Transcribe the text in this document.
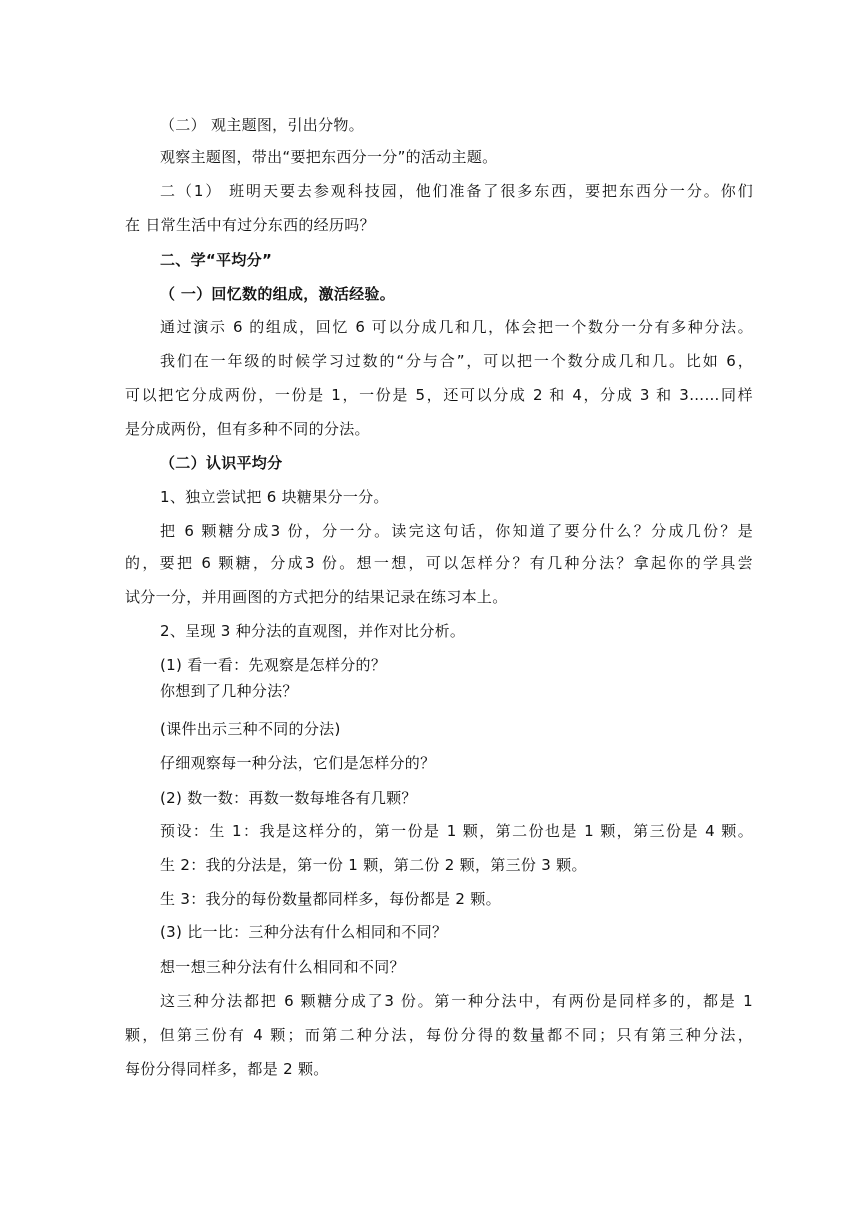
（二） 观主题图，引出分物。

观察主题图，带出“要把东西分一分”的活动主题。

二（1） 班明天要去参观科技园，他们准备了很多东西，要把东西分一分。你们

在 日常生活中有过分东西的经历吗？

二、学“平均分”

（ 一）回忆数的组成，激活经验。

通过演示 6 的组成，回忆 6 可以分成几和几，体会把一个数分一分有多种分法。

我们在一年级的时候学习过数的“分与合”，可以把一个数分成几和几。比如 6，

可以把它分成两份，一份是 1，一份是 5，还可以分成 2 和 4，分成 3 和 3……同样

是分成两份，但有多种不同的分法。

（二）认识平均分

1、独立尝试把 6 块糖果分一分。

把 6 颗糖分成3 份，分一分。读完这句话，你知道了要分什么？分成几份？是

的，要把 6 颗糖，分成3 份。想一想，可以怎样分？有几种分法？拿起你的学具尝

试分一分，并用画图的方式把分的结果记录在练习本上。

2、呈现 3 种分法的直观图，并作对比分析。

(1) 看一看：先观察是怎样分的？

你想到了几种分法？

(课件出示三种不同的分法)

仔细观察每一种分法，它们是怎样分的？

(2) 数一数：再数一数每堆各有几颗？

预设：生 1：我是这样分的，第一份是 1 颗，第二份也是 1 颗，第三份是 4 颗。

生 2：我的分法是，第一份 1 颗，第二份 2 颗，第三份 3 颗。

生 3：我分的每份数量都同样多，每份都是 2 颗。

(3) 比一比：三种分法有什么相同和不同？

想一想三种分法有什么相同和不同？

这三种分法都把 6 颗糖分成了3 份。第一种分法中，有两份是同样多的，都是 1

颗，但第三份有 4 颗；而第二种分法，每份分得的数量都不同；只有第三种分法，

每份分得同样多，都是 2 颗。
